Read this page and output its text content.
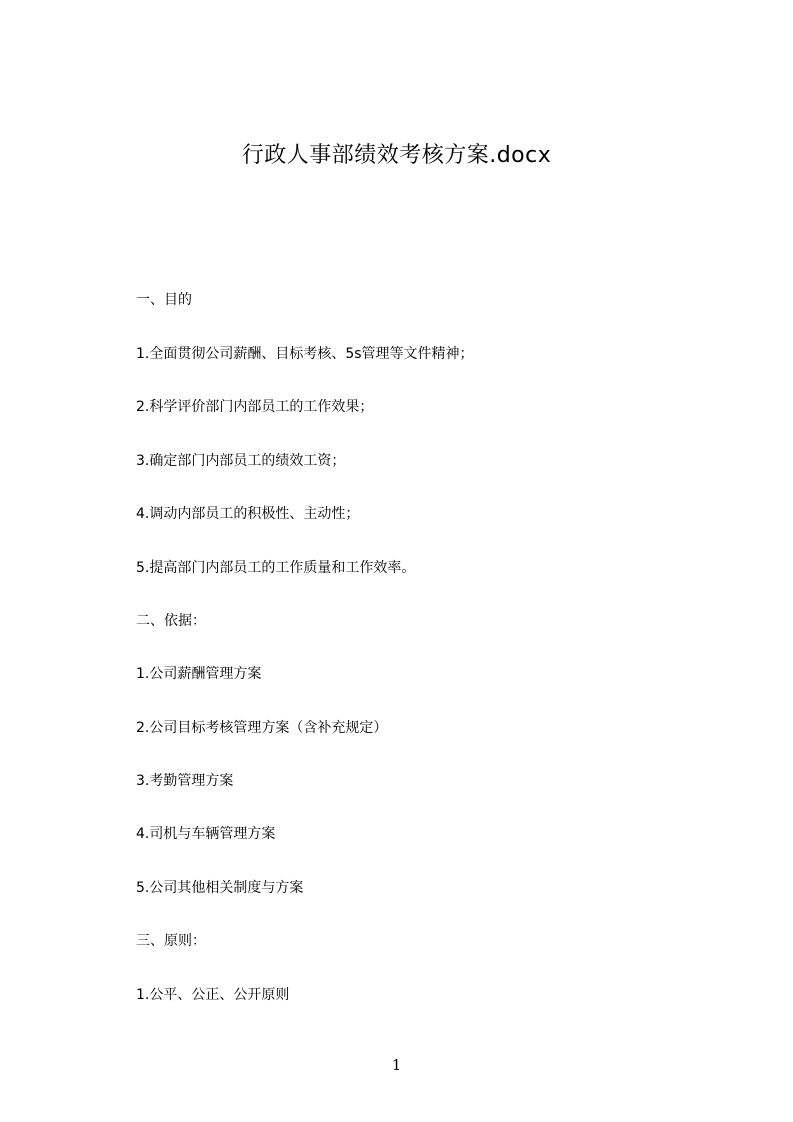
行政人事部绩效考核方案.docx

一、目的

1.全面贯彻公司薪酬、目标考核、5s管理等文件精神；

2.科学评价部门内部员工的工作效果；

3.确定部门内部员工的绩效工资；

4.调动内部员工的积极性、主动性；

5.提高部门内部员工的工作质量和工作效率。

二、依据：

1.公司薪酬管理方案

2.公司目标考核管理方案（含补充规定）

3.考勤管理方案

4.司机与车辆管理方案

5.公司其他相关制度与方案

三、原则：

1.公平、公正、公开原则

1
